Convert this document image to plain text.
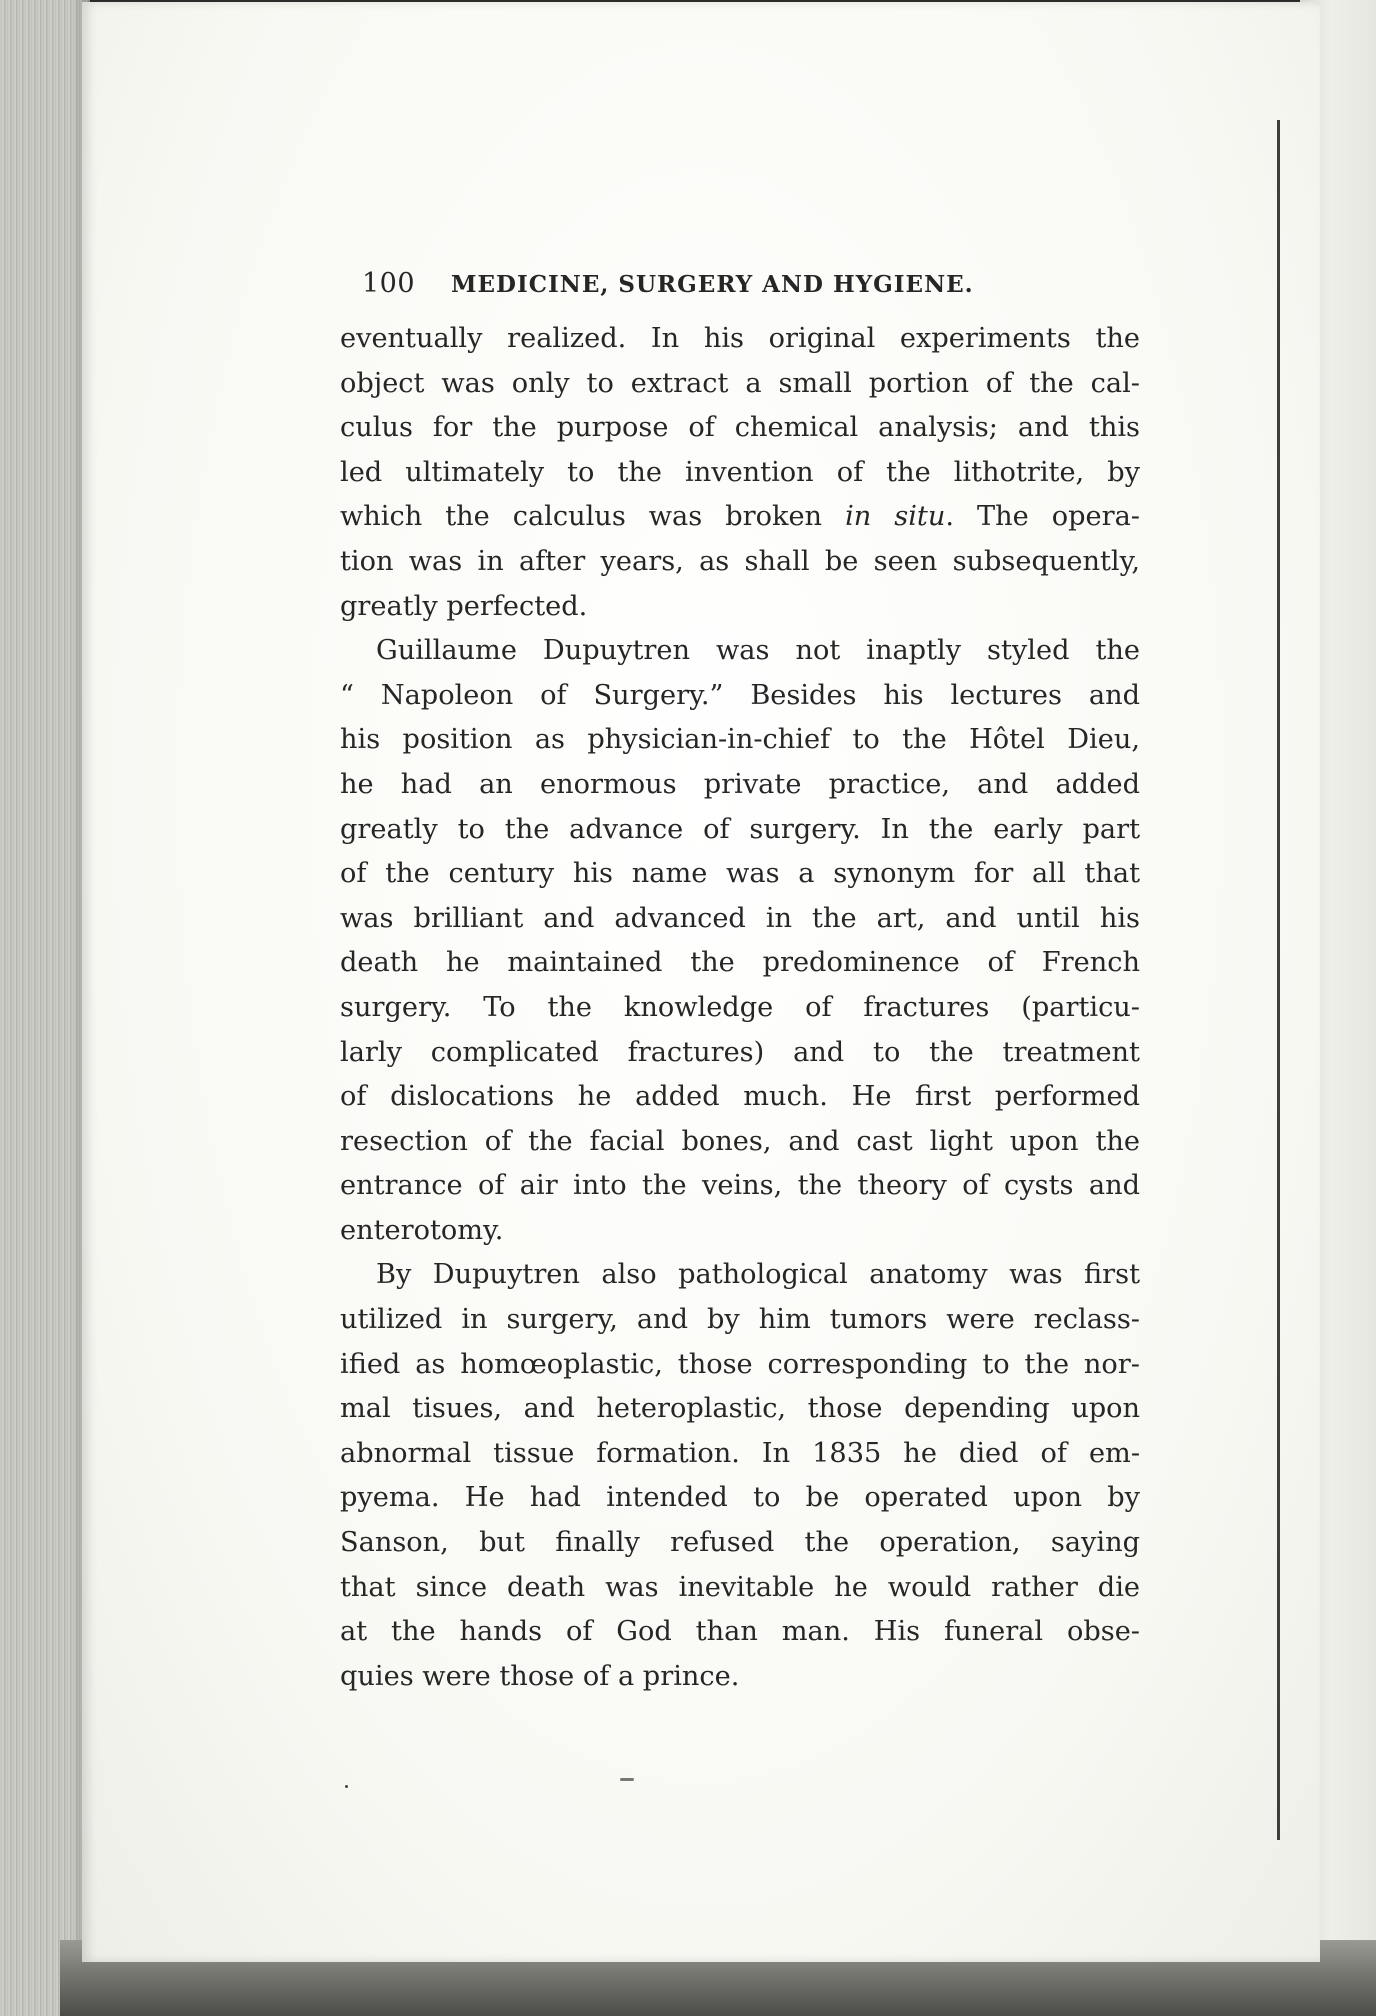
100 MEDICINE, SURGERY AND HYGIENE.

eventually realized. In his original experiments the
object was only to extract a small portion of the cal-
culus for the purpose of chemical analysis; and this
led ultimately to the invention of the lithotrite, by
which the calculus was broken in situ. The opera-
tion was in after years, as shall be seen subsequently,
greatly perfected.

Guillaume Dupuytren was not inaptly styled the
“ Napoleon of Surgery.” Besides his lectures and
his position as physician-in-chief to the Hôtel Dieu,
he had an enormous private practice, and added
greatly to the advance of surgery. In the early part
of the century his name was a synonym for all that
was brilliant and advanced in the art, and until his
death he maintained the predominence of French
surgery. To the knowledge of fractures (particu-
larly complicated fractures) and to the treatment
of dislocations he added much. He first performed
resection of the facial bones, and cast light upon the
entrance of air into the veins, the theory of cysts and
enterotomy.

By Dupuytren also pathological anatomy was first
utilized in surgery, and by him tumors were reclass-
ified as homœoplastic, those corresponding to the nor-
mal tisues, and heteroplastic, those depending upon
abnormal tissue formation. In 1835 he died of em-
pyema. He had intended to be operated upon by
Sanson, but finally refused the operation, saying
that since death was inevitable he would rather die
at the hands of God than man. His funeral obse-
quies were those of a prince.
